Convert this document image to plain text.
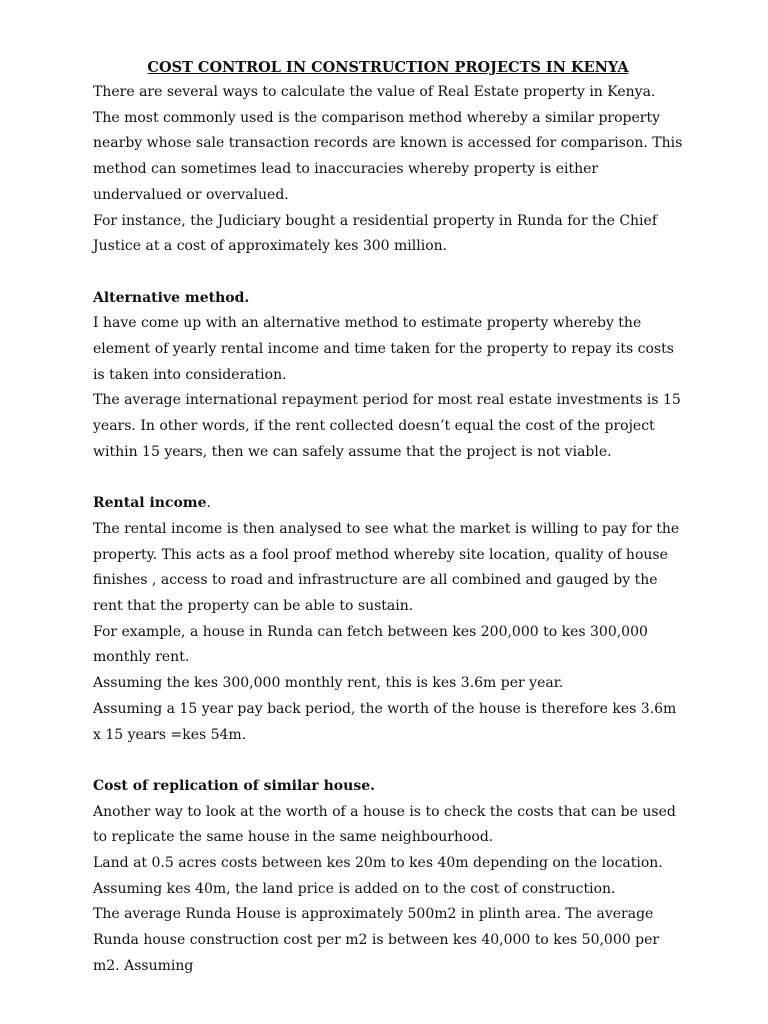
COST CONTROL IN CONSTRUCTION PROJECTS IN KENYA

There are several ways to calculate the value of Real Estate property in Kenya.

The most commonly used is the comparison method whereby a similar property nearby whose sale transaction records are known is accessed for comparison. This method can sometimes lead to inaccuracies whereby property is either undervalued or overvalued.

For instance, the Judiciary bought a residential property in Runda for the Chief Justice at a cost of approximately kes 300 million.

Alternative method.

I have come up with an alternative method to estimate property whereby the element of yearly rental income and time taken for the property to repay its costs is taken into consideration.

The average international repayment period for most real estate investments is 15 years. In other words, if the rent collected doesn’t equal the cost of the project within 15 years, then we can safely assume that the project is not viable.

Rental income.

The rental income is then analysed to see what the market is willing to pay for the property. This acts as a fool proof method whereby site location, quality of house finishes , access to road and infrastructure are all combined and gauged by the rent that the property can be able to sustain.

For example, a house in Runda can fetch between kes 200,000 to kes 300,000 monthly rent.

Assuming the kes 300,000 monthly rent, this is kes 3.6m per year.

Assuming a 15 year pay back period, the worth of the house is therefore kes 3.6m x 15 years =kes 54m.

Cost of replication of similar house.

Another way to look at the worth of a house is to check the costs that can be used to replicate the same house in the same neighbourhood.

Land at 0.5 acres costs between kes 20m to kes 40m depending on the location.

Assuming kes 40m, the land price is added on to the cost of construction.

The average Runda House is approximately 500m2 in plinth area. The average Runda house construction cost per m2 is between kes 40,000 to kes 50,000 per m2. Assuming
